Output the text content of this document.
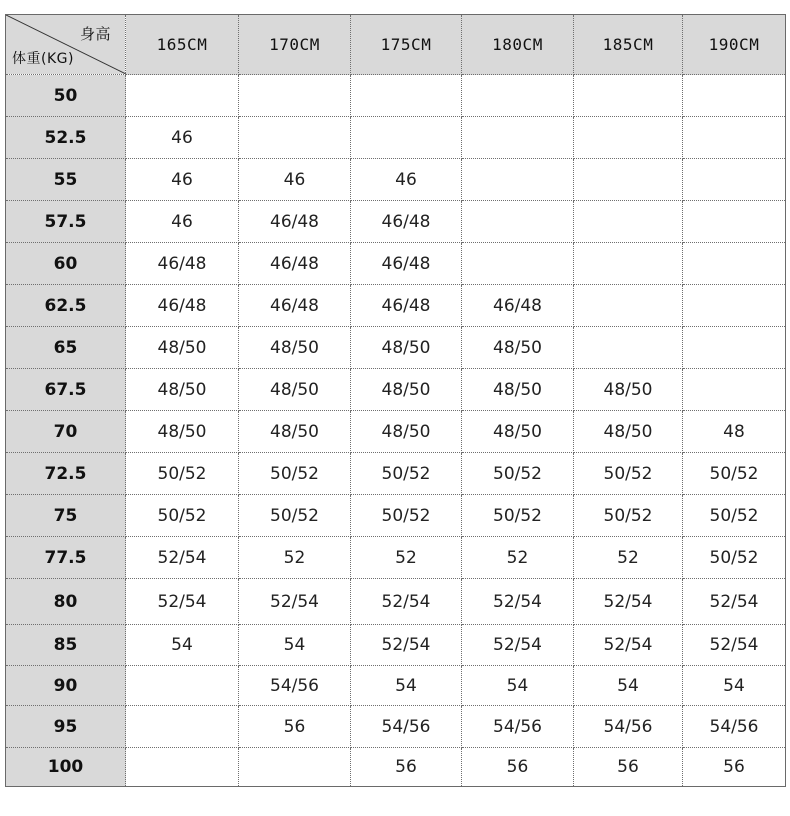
身高
体重(KG)	165CM	170CM	175CM	180CM	185CM	190CM
50						
52.5	46					
55	46	46	46			
57.5	46	46/48	46/48			
60	46/48	46/48	46/48			
62.5	46/48	46/48	46/48	46/48		
65	48/50	48/50	48/50	48/50		
67.5	48/50	48/50	48/50	48/50	48/50	
70	48/50	48/50	48/50	48/50	48/50	48
72.5	50/52	50/52	50/52	50/52	50/52	50/52
75	50/52	50/52	50/52	50/52	50/52	50/52
77.5	52/54	52	52	52	52	50/52
80	52/54	52/54	52/54	52/54	52/54	52/54
85	54	54	52/54	52/54	52/54	52/54
90		54/56	54	54	54	54
95		56	54/56	54/56	54/56	54/56
100			56	56	56	56
